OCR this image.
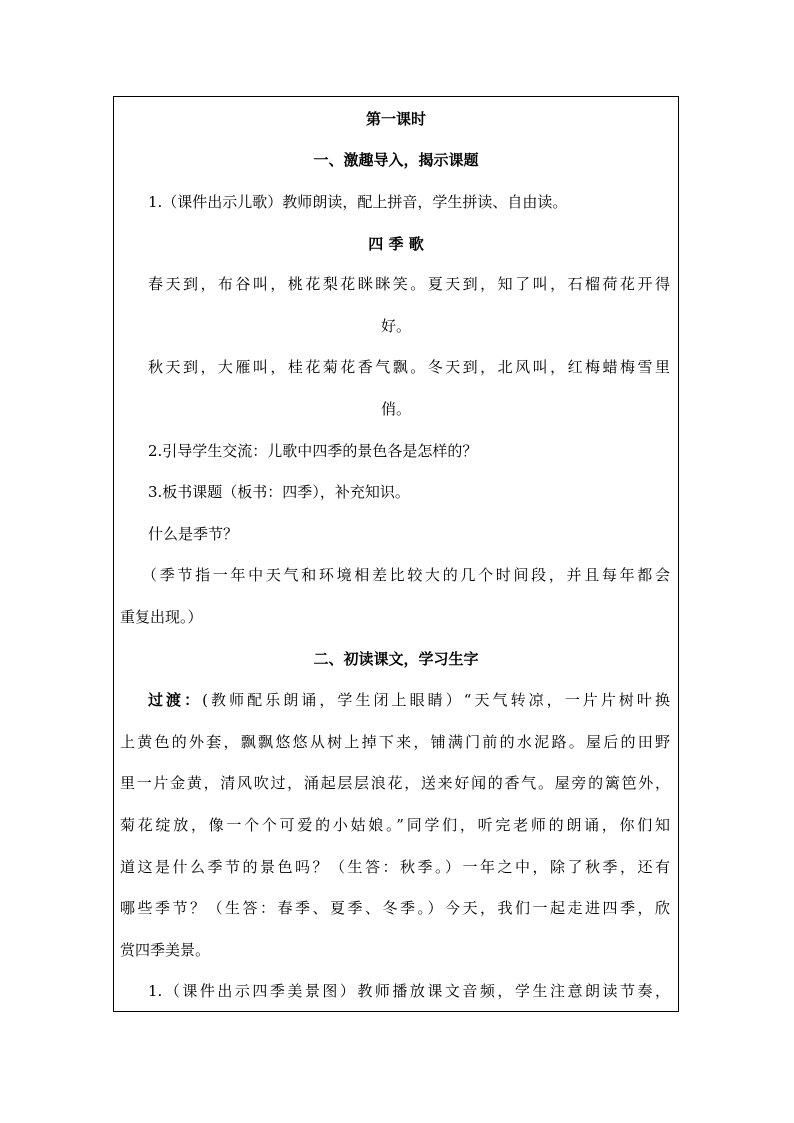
第一课时
一、激趣导入，揭示课题
1.（课件出示儿歌）教师朗读，配上拼音，学生拼读、自由读。
四 季 歌
春天到，布谷叫，桃花梨花眯眯笑。夏天到，知了叫，石榴荷花开得
好。
秋天到，大雁叫，桂花菊花香气飘。冬天到，北风叫，红梅蜡梅雪里
俏。
2.引导学生交流：儿歌中四季的景色各是怎样的？
3.板书课题（板书：四季），补充知识。
什么是季节？
（季节指一年中天气和环境相差比较大的几个时间段，并且每年都会
重复出现。）
二、初读课文，学习生字
过渡：(教师配乐朗诵，学生闭上眼睛）“天气转凉，一片片树叶换
上黄色的外套，飘飘悠悠从树上掉下来，铺满门前的水泥路。屋后的田野
里一片金黄，清风吹过，涌起层层浪花，送来好闻的香气。屋旁的篱笆外，
菊花绽放，像一个个可爱的小姑娘。”同学们，听完老师的朗诵，你们知
道这是什么季节的景色吗？（生答：秋季。）一年之中，除了秋季，还有
哪些季节？（生答：春季、夏季、冬季。）今天，我们一起走进四季，欣
赏四季美景。
1.（课件出示四季美景图）教师播放课文音频，学生注意朗读节奏，
